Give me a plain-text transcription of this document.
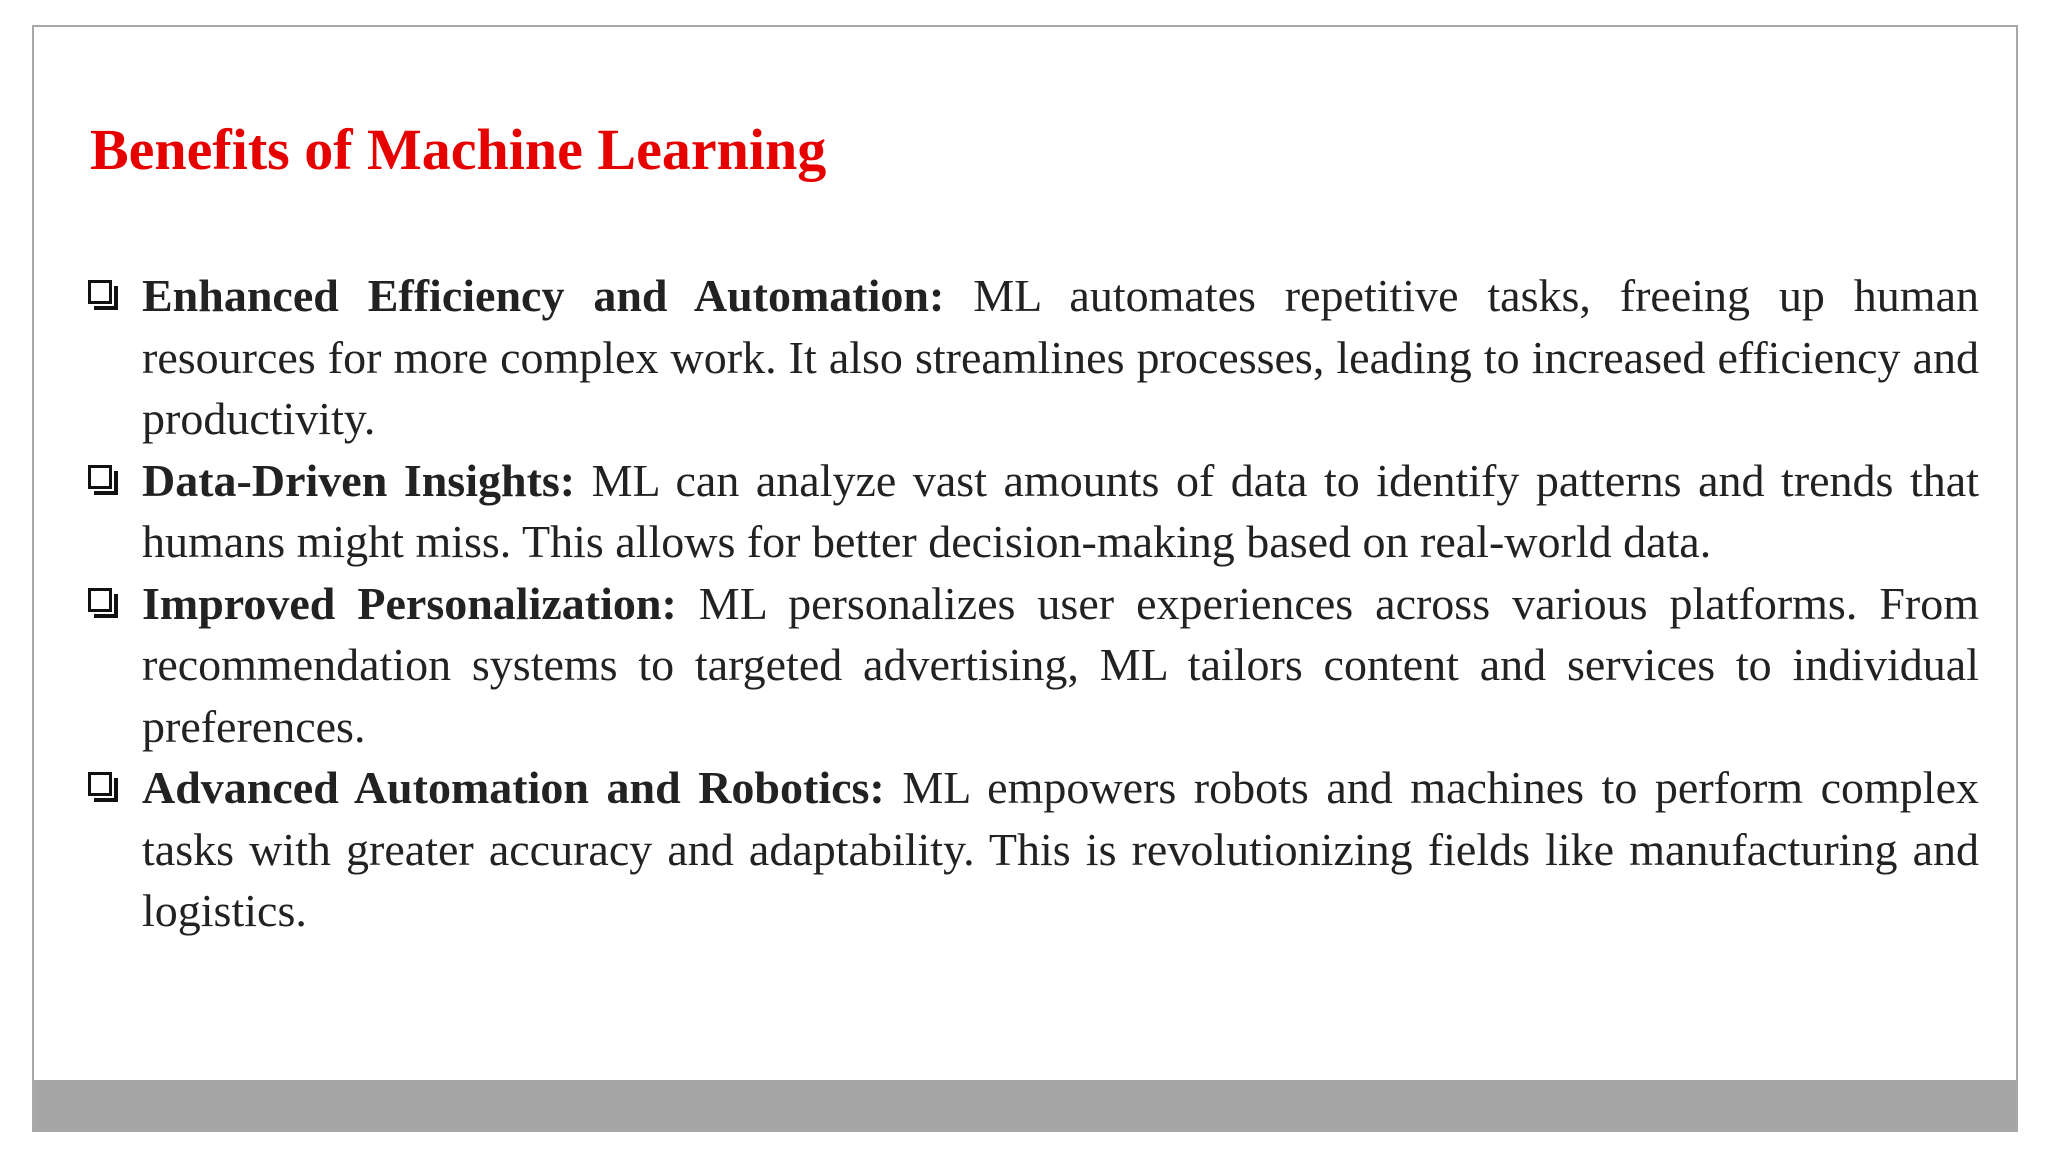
Benefits of Machine Learning
Enhanced Efficiency and Automation: ML automates repetitive tasks, freeing up human resources for more complex work. It also streamlines processes, leading to increased efficiency and productivity.
Data-Driven Insights: ML can analyze vast amounts of data to identify patterns and trends that humans might miss. This allows for better decision-making based on real-world data.
Improved Personalization: ML personalizes user experiences across various platforms. From recommendation systems to targeted advertising, ML tailors content and services to individual preferences.
Advanced Automation and Robotics: ML empowers robots and machines to perform complex tasks with greater accuracy and adaptability. This is revolutionizing fields like manufacturing and logistics.
